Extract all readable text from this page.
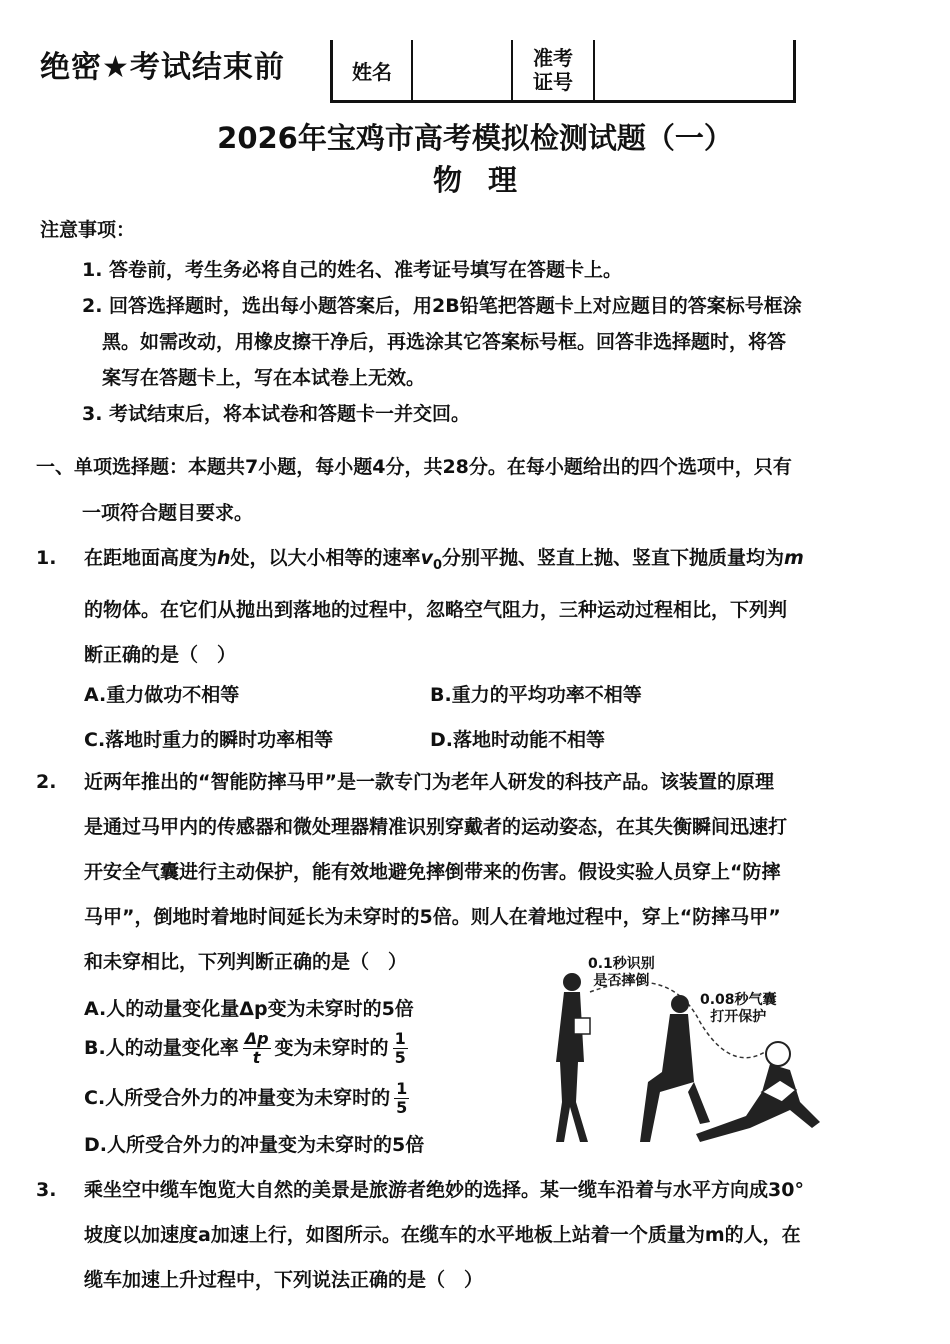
绝密★考试结束前	姓名
准考
证号
2026年宝鸡市高考模拟检测试题（一）
物理
注意事项：
1. 答卷前，考生务必将自己的姓名、准考证号填写在答题卡上。
2. 回答选择题时，选出每小题答案后，用2B铅笔把答题卡上对应题目的答案标号框涂
黑。如需改动，用橡皮擦干净后，再选涂其它答案标号框。回答非选择题时，将答
案写在答题卡上，写在本试卷上无效。
3. 考试结束后，将本试卷和答题卡一并交回。
一、单项选择题：本题共7小题，每小题4分，共28分。在每小题给出的四个选项中，只有
一项符合题目要求。
1. 在距地面高度为h处，以大小相等的速率$v_0$分别平抛、竖直上抛、竖直下抛质量均为m
的物体。在它们从抛出到落地的过程中，忽略空气阻力，三种运动过程相比，下列判
断正确的是（　）
A.重力做功不相等	B.重力的平均功率不相等
C.落地时重力的瞬时功率相等	D.落地时动能不相等
2. 近两年推出的“智能防摔马甲”是一款专门为老年人研发的科技产品。该装置的原理
是通过马甲内的传感器和微处理器精准识别穿戴者的运动姿态，在其失衡瞬间迅速打
开安全气囊进行主动保护，能有效地避免摔倒带来的伤害。假设实验人员穿上“防摔
马甲”，倒地时着地时间延长为未穿时的5倍。则人在着地过程中，穿上“防摔马甲”
和未穿相比，下列判断正确的是（　）
A.人的动量变化量Δp变为未穿时的5倍
B.人的动量变化率 $\frac{\Delta p}{t}$ 变为未穿时的 $\frac{1}{5}$
C.人所受合外力的冲量变为未穿时的 $\frac{1}{5}$
D.人所受合外力的冲量变为未穿时的5倍
0.1秒识别
是否摔倒
0.08秒气囊
打开保护
3. 乘坐空中缆车饱览大自然的美景是旅游者绝妙的选择。某一缆车沿着与水平方向成30°
坡度以加速度a加速上行，如图所示。在缆车的水平地板上站着一个质量为m的人，在
缆车加速上升过程中，下列说法正确的是（　）
